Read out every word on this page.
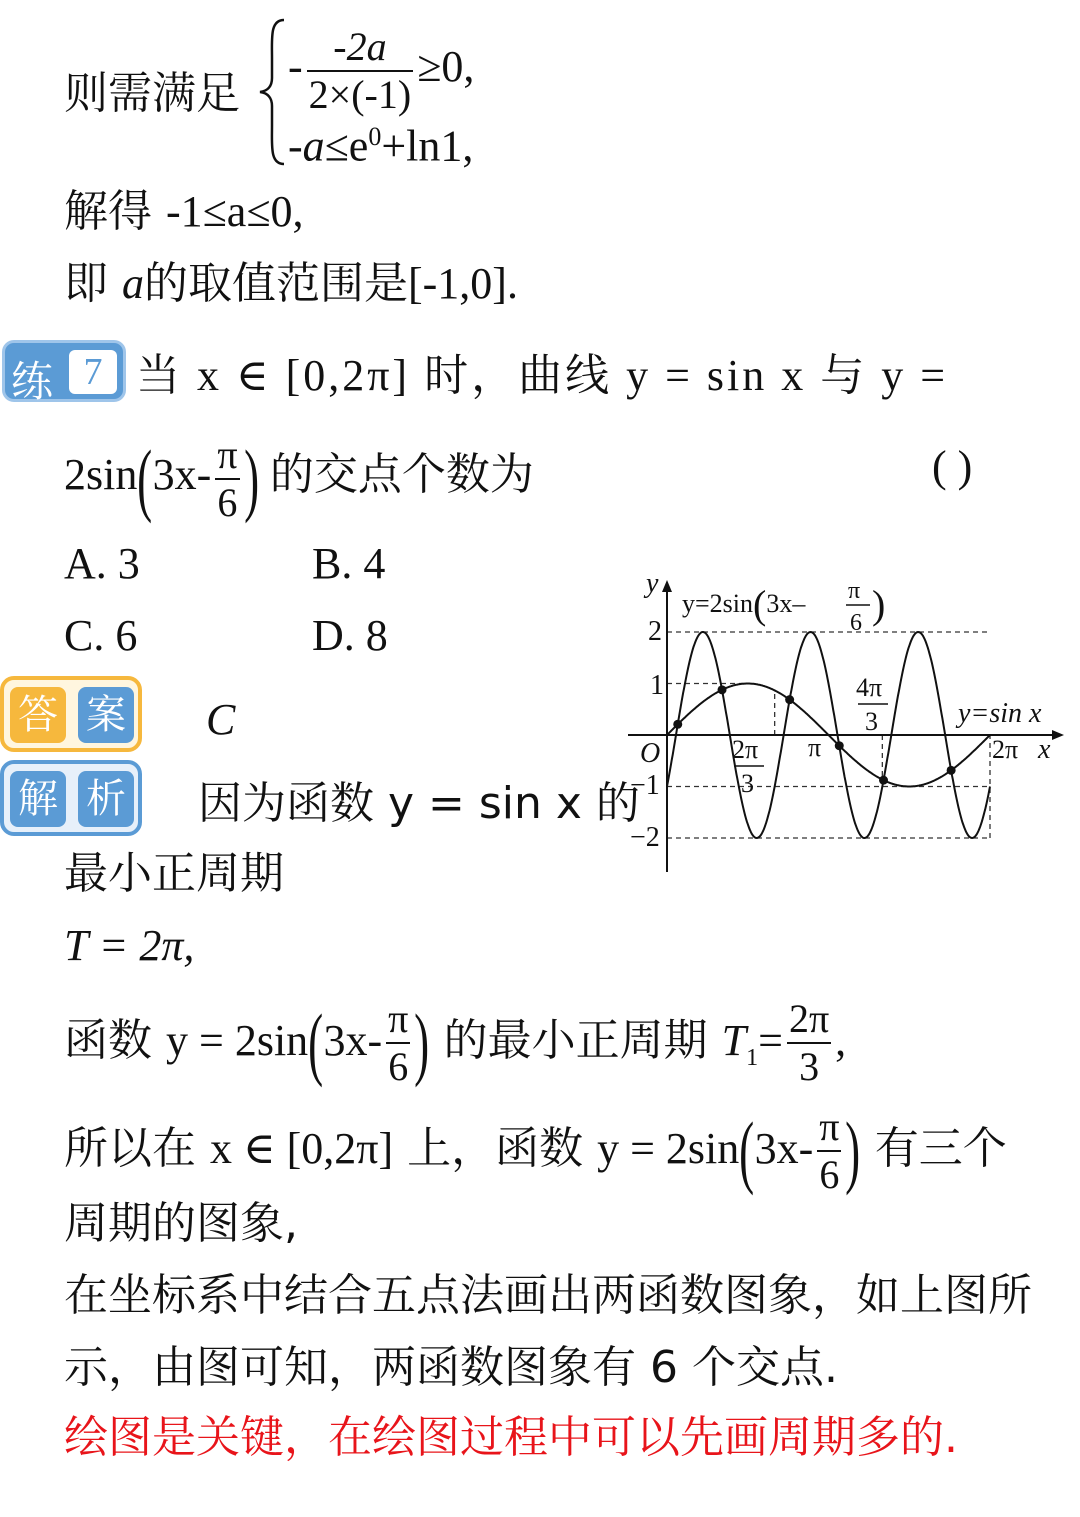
则需满足
- $\frac{-2a}{2\times(-1)} \ge 0$,
$-a\le e^0+\ln 1$,
解得 -1≤a≤0,
即 a的取值范围是[-1,0].
练 7 当 x ∈ [0,2π] 时，曲线 y = sin x 与 y =
$2\sin(3x- \frac{\pi}{6}$ ) 的交点个数为	( )
A. 3	B. 4
C. 6	D. 8
答 案 C
解 析 因为函数 y = sin x 的
最小正周期
T = 2π,
函数 $y = 2\sin(3x- \frac{\pi}{6}$ ) 的最小正周期 $T_1= \frac{2\pi}{3}$ ,
所以在 x ∈ [0,2π] 上，函数 $y = 2\sin(3x- \frac{\pi}{6}$ ) 有三个
周期的图象,
在坐标系中结合五点法画出两函数图象，如上图所
示，由图可知，两函数图象有 6 个交点.
绘图是关键，在绘图过程中可以先画周期多的.
y
x
O
2
1
−1
−2
2π
3
π
4π
3
2π
y=2sin(3x– π
6 )
y=sin x
